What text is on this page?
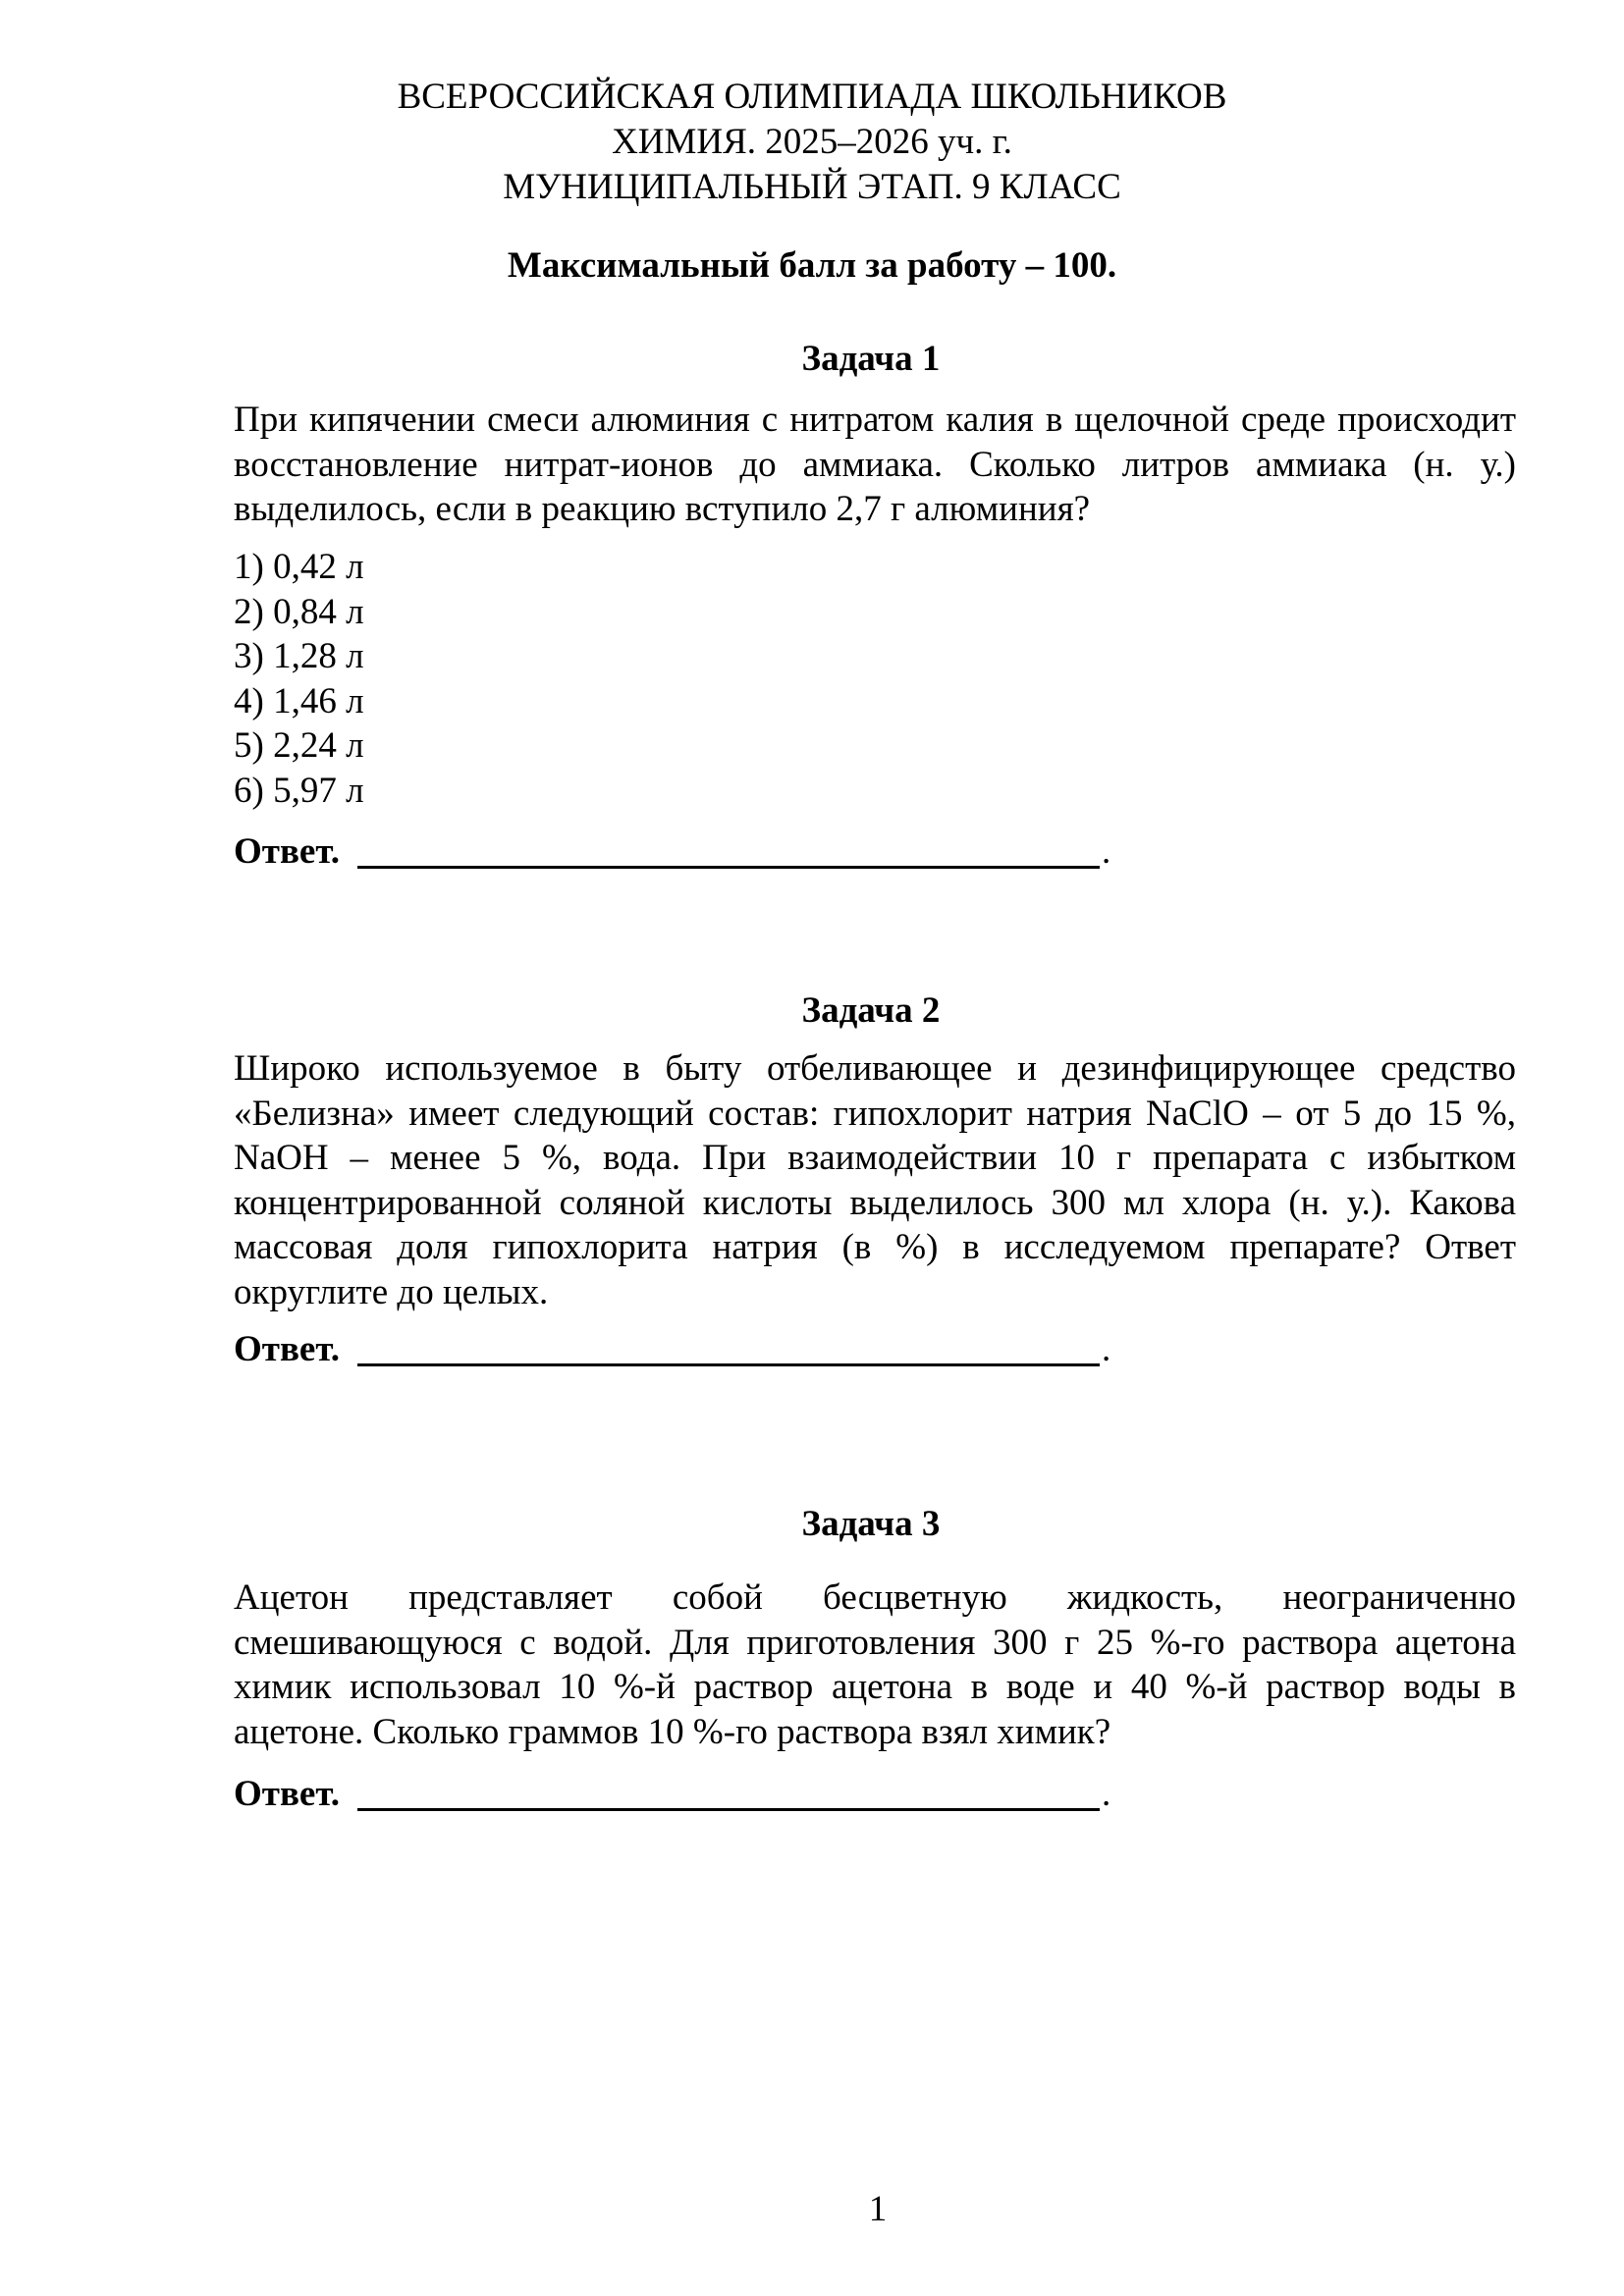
ВСЕРОССИЙСКАЯ ОЛИМПИАДА ШКОЛЬНИКОВ
ХИМИЯ. 2025–2026 уч. г.
МУНИЦИПАЛЬНЫЙ ЭТАП. 9 КЛАСС
Максимальный балл за работу – 100.
Задача 1
При кипячении смеси алюминия с нитратом калия в щелочной среде происходит восстановление нитрат-ионов до аммиака. Сколько литров аммиака (н. у.) выделилось, если в реакцию вступило 2,7 г алюминия?
1) 0,42 л
2) 0,84 л
3) 1,28 л
4) 1,46 л
5) 2,24 л
6) 5,97 л
Ответ.	.
Задача 2
Широко используемое в быту отбеливающее и дезинфицирующее средство «Белизна» имеет следующий состав: гипохлорит натрия NaClO – от 5 до 15 %, NaOH – менее 5 %, вода. При взаимодействии 10 г препарата с избытком концентрированной соляной кислоты выделилось 300 мл хлора (н. у.). Какова массовая доля гипохлорита натрия (в %) в исследуемом препарате? Ответ округлите до целых.
Ответ.	.
Задача 3
Ацетон представляет собой бесцветную жидкость, неограниченно смешивающуюся с водой. Для приготовления 300 г 25 %-го раствора ацетона химик использовал 10 %-й раствор ацетона в воде и 40 %-й раствор воды в ацетоне. Сколько граммов 10 %-го раствора взял химик?
Ответ.	.
1
